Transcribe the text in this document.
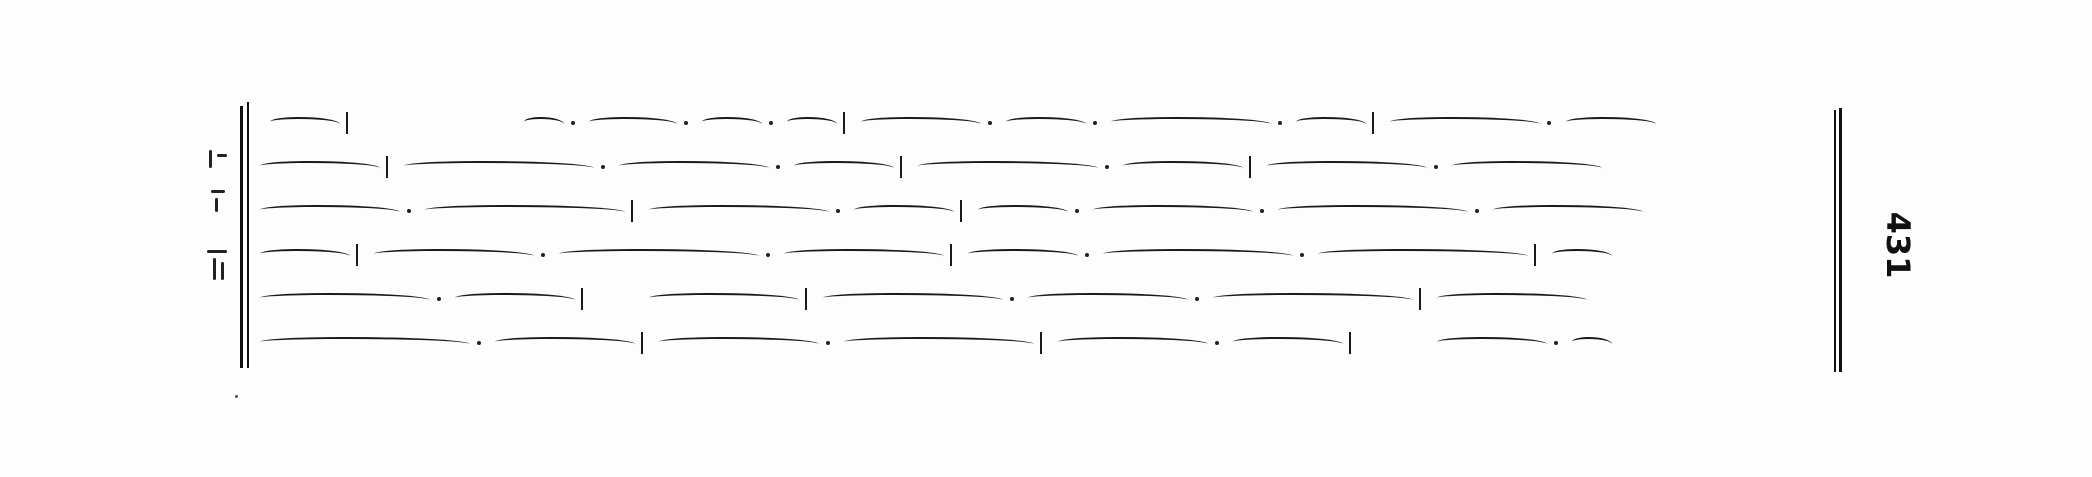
431
